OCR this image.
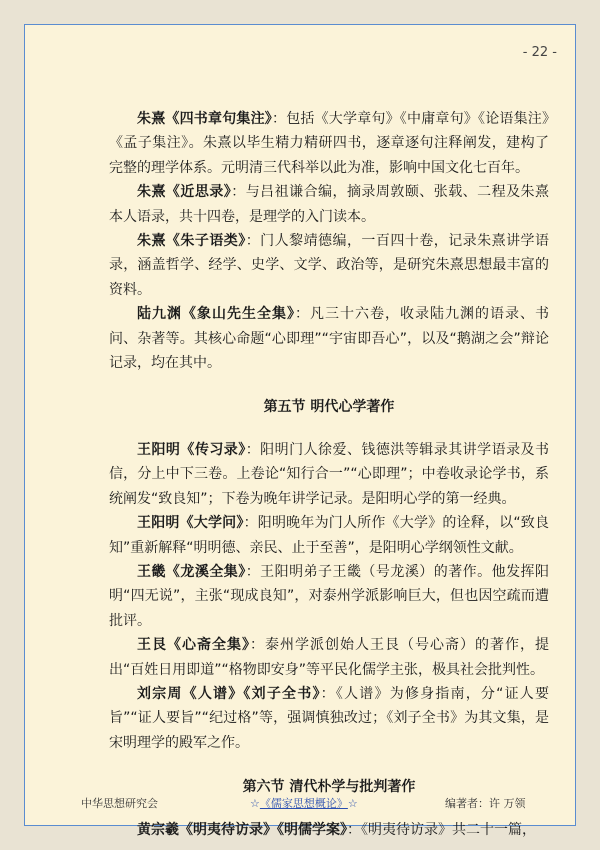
- 22 -

朱熹《四书章句集注》：包括《大学章句》《中庸章句》《论语集注》《孟子集注》。朱熹以毕生精力精研四书，逐章逐句注释阐发，建构了完整的理学体系。元明清三代科举以此为准，影响中国文化七百年。

朱熹《近思录》：与吕祖谦合编，摘录周敦颐、张载、二程及朱熹本人语录，共十四卷，是理学的入门读本。

朱熹《朱子语类》：门人黎靖德编，一百四十卷，记录朱熹讲学语录，涵盖哲学、经学、史学、文学、政治等，是研究朱熹思想最丰富的资料。

陆九渊《象山先生全集》：凡三十六卷，收录陆九渊的语录、书问、杂著等。其核心命题“心即理”“宇宙即吾心”，以及“鹅湖之会”辩论记录，均在其中。

第五节 明代心学著作

王阳明《传习录》：阳明门人徐爱、钱德洪等辑录其讲学语录及书信，分上中下三卷。上卷论“知行合一”“心即理”；中卷收录论学书，系统阐发“致良知”；下卷为晚年讲学记录。是阳明心学的第一经典。

王阳明《大学问》：阳明晚年为门人所作《大学》的诠释，以“致良知”重新解释“明明德、亲民、止于至善”，是阳明心学纲领性文献。

王畿《龙溪全集》：王阳明弟子王畿（号龙溪）的著作。他发挥阳明“四无说”，主张“现成良知”，对泰州学派影响巨大，但也因空疏而遭批评。

王艮《心斋全集》：泰州学派创始人王艮（号心斋）的著作，提出“百姓日用即道”“格物即安身”等平民化儒学主张，极具社会批判性。

刘宗周《人谱》《刘子全书》：《人谱》为修身指南，分“证人要旨”“证人要旨”“纪过格”等，强调慎独改过；《刘子全书》为其文集，是宋明理学的殿军之作。

第六节 清代朴学与批判著作

黄宗羲《明夷待访录》《明儒学案》：《明夷待访录》共二十一篇，

中华思想研究会	☆《儒家思想概论》☆	编著者：许 万领
